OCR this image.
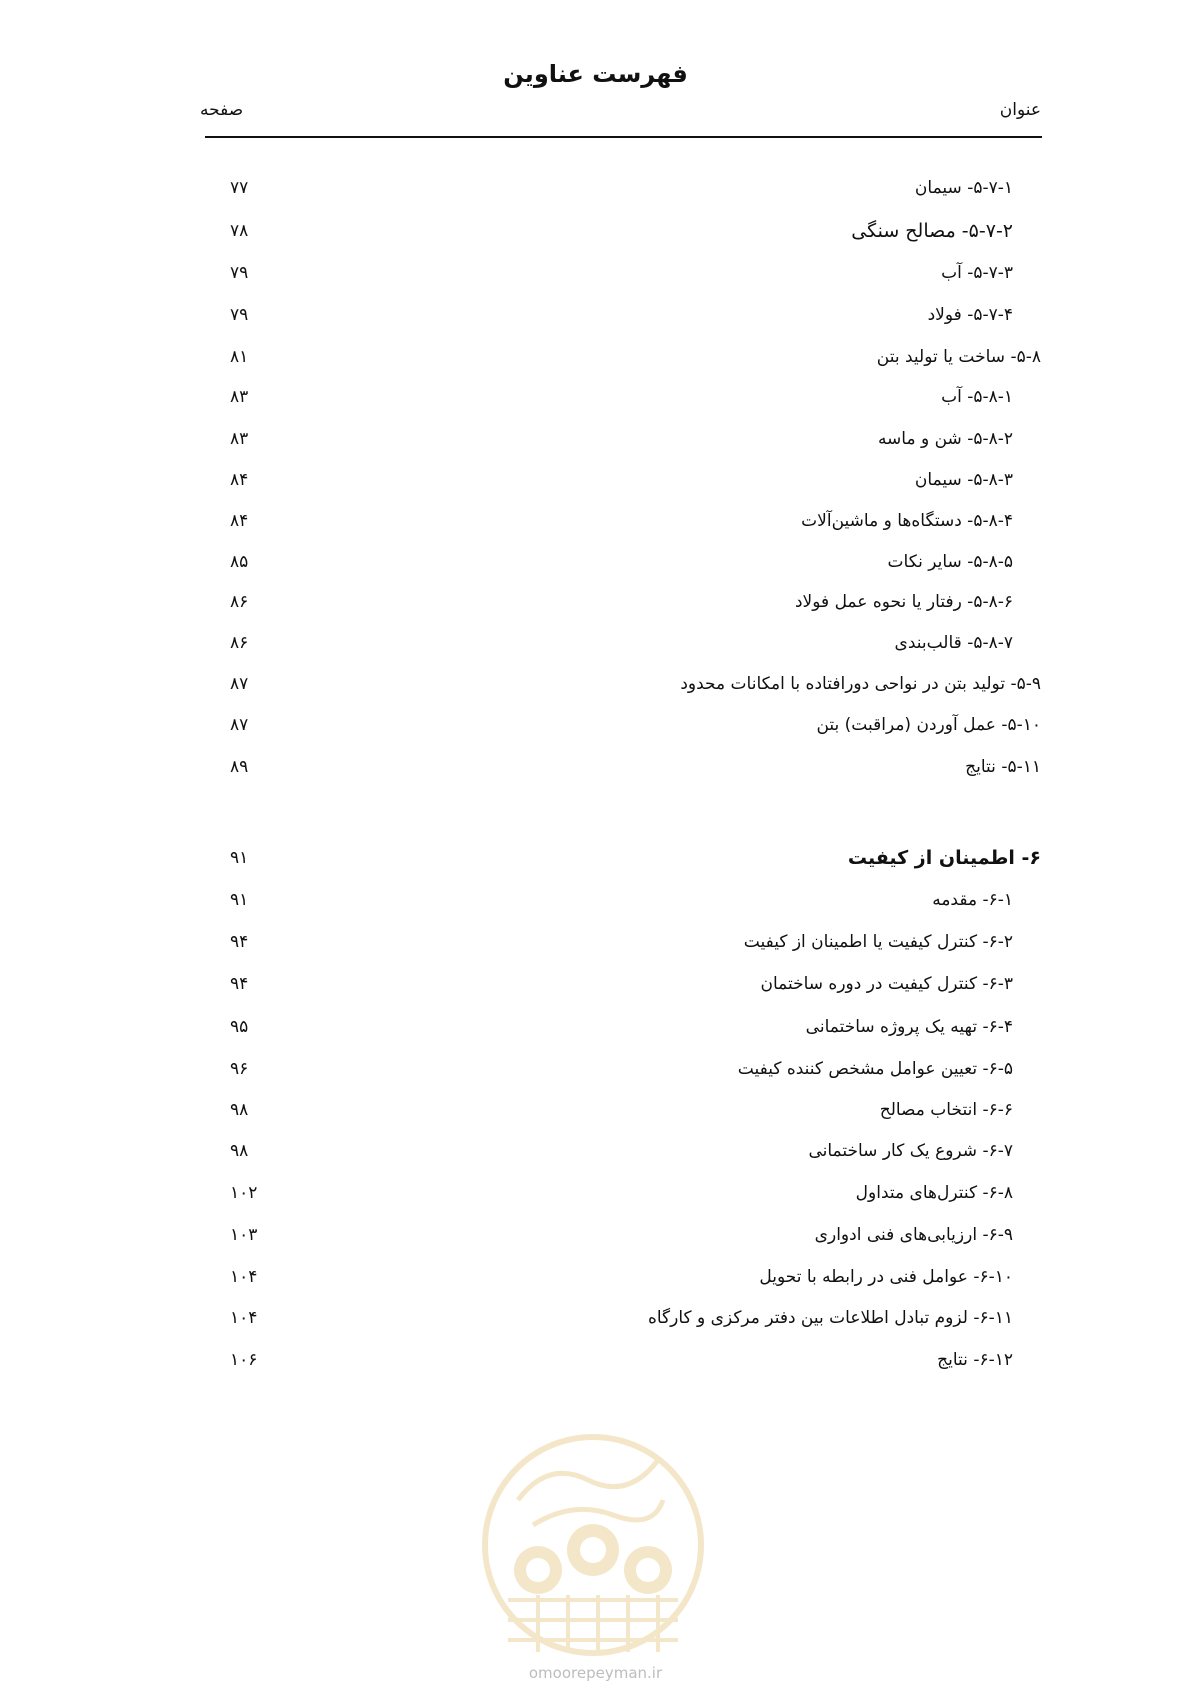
فهرست عناوین
عنوان
صفحه
۵-۷-۱- سیمان
۷۷
۵-۷-۲- مصالح سنگی
۷۸
۵-۷-۳- آب
۷۹
۵-۷-۴- فولاد
۷۹
۵-۸- ساخت یا تولید بتن
۸۱
۵-۸-۱- آب
۸۳
۵-۸-۲- شن و ماسه
۸۳
۵-۸-۳- سیمان
۸۴
۵-۸-۴- دستگاه‌ها و ماشین‌آلات
۸۴
۵-۸-۵- سایر نکات
۸۵
۵-۸-۶- رفتار یا نحوه عمل فولاد
۸۶
۵-۸-۷- قالب‌بندی
۸۶
۵-۹- تولید بتن در نواحی دورافتاده با امکانات محدود
۸۷
۵-۱۰- عمل آوردن (مراقبت) بتن
۸۷
۵-۱۱- نتایج
۸۹
۶- اطمینان از کیفیت
۹۱
۶-۱- مقدمه
۹۱
۶-۲- کنترل کیفیت یا اطمینان از کیفیت
۹۴
۶-۳- کنترل کیفیت در دوره ساختمان
۹۴
۶-۴- تهیه یک پروژه ساختمانی
۹۵
۶-۵- تعیین عوامل مشخص کننده کیفیت
۹۶
۶-۶- انتخاب مصالح
۹۸
۶-۷- شروع یک کار ساختمانی
۹۸
۶-۸- کنترل‌های متداول
۱۰۲
۶-۹- ارزیابی‌های فنی ادواری
۱۰۳
۶-۱۰- عوامل فنی در رابطه با تحویل
۱۰۴
۶-۱۱- لزوم تبادل اطلاعات بین دفتر مرکزی و کارگاه
۱۰۴
۶-۱۲- نتایج
۱۰۶
omoorepeyman.ir
